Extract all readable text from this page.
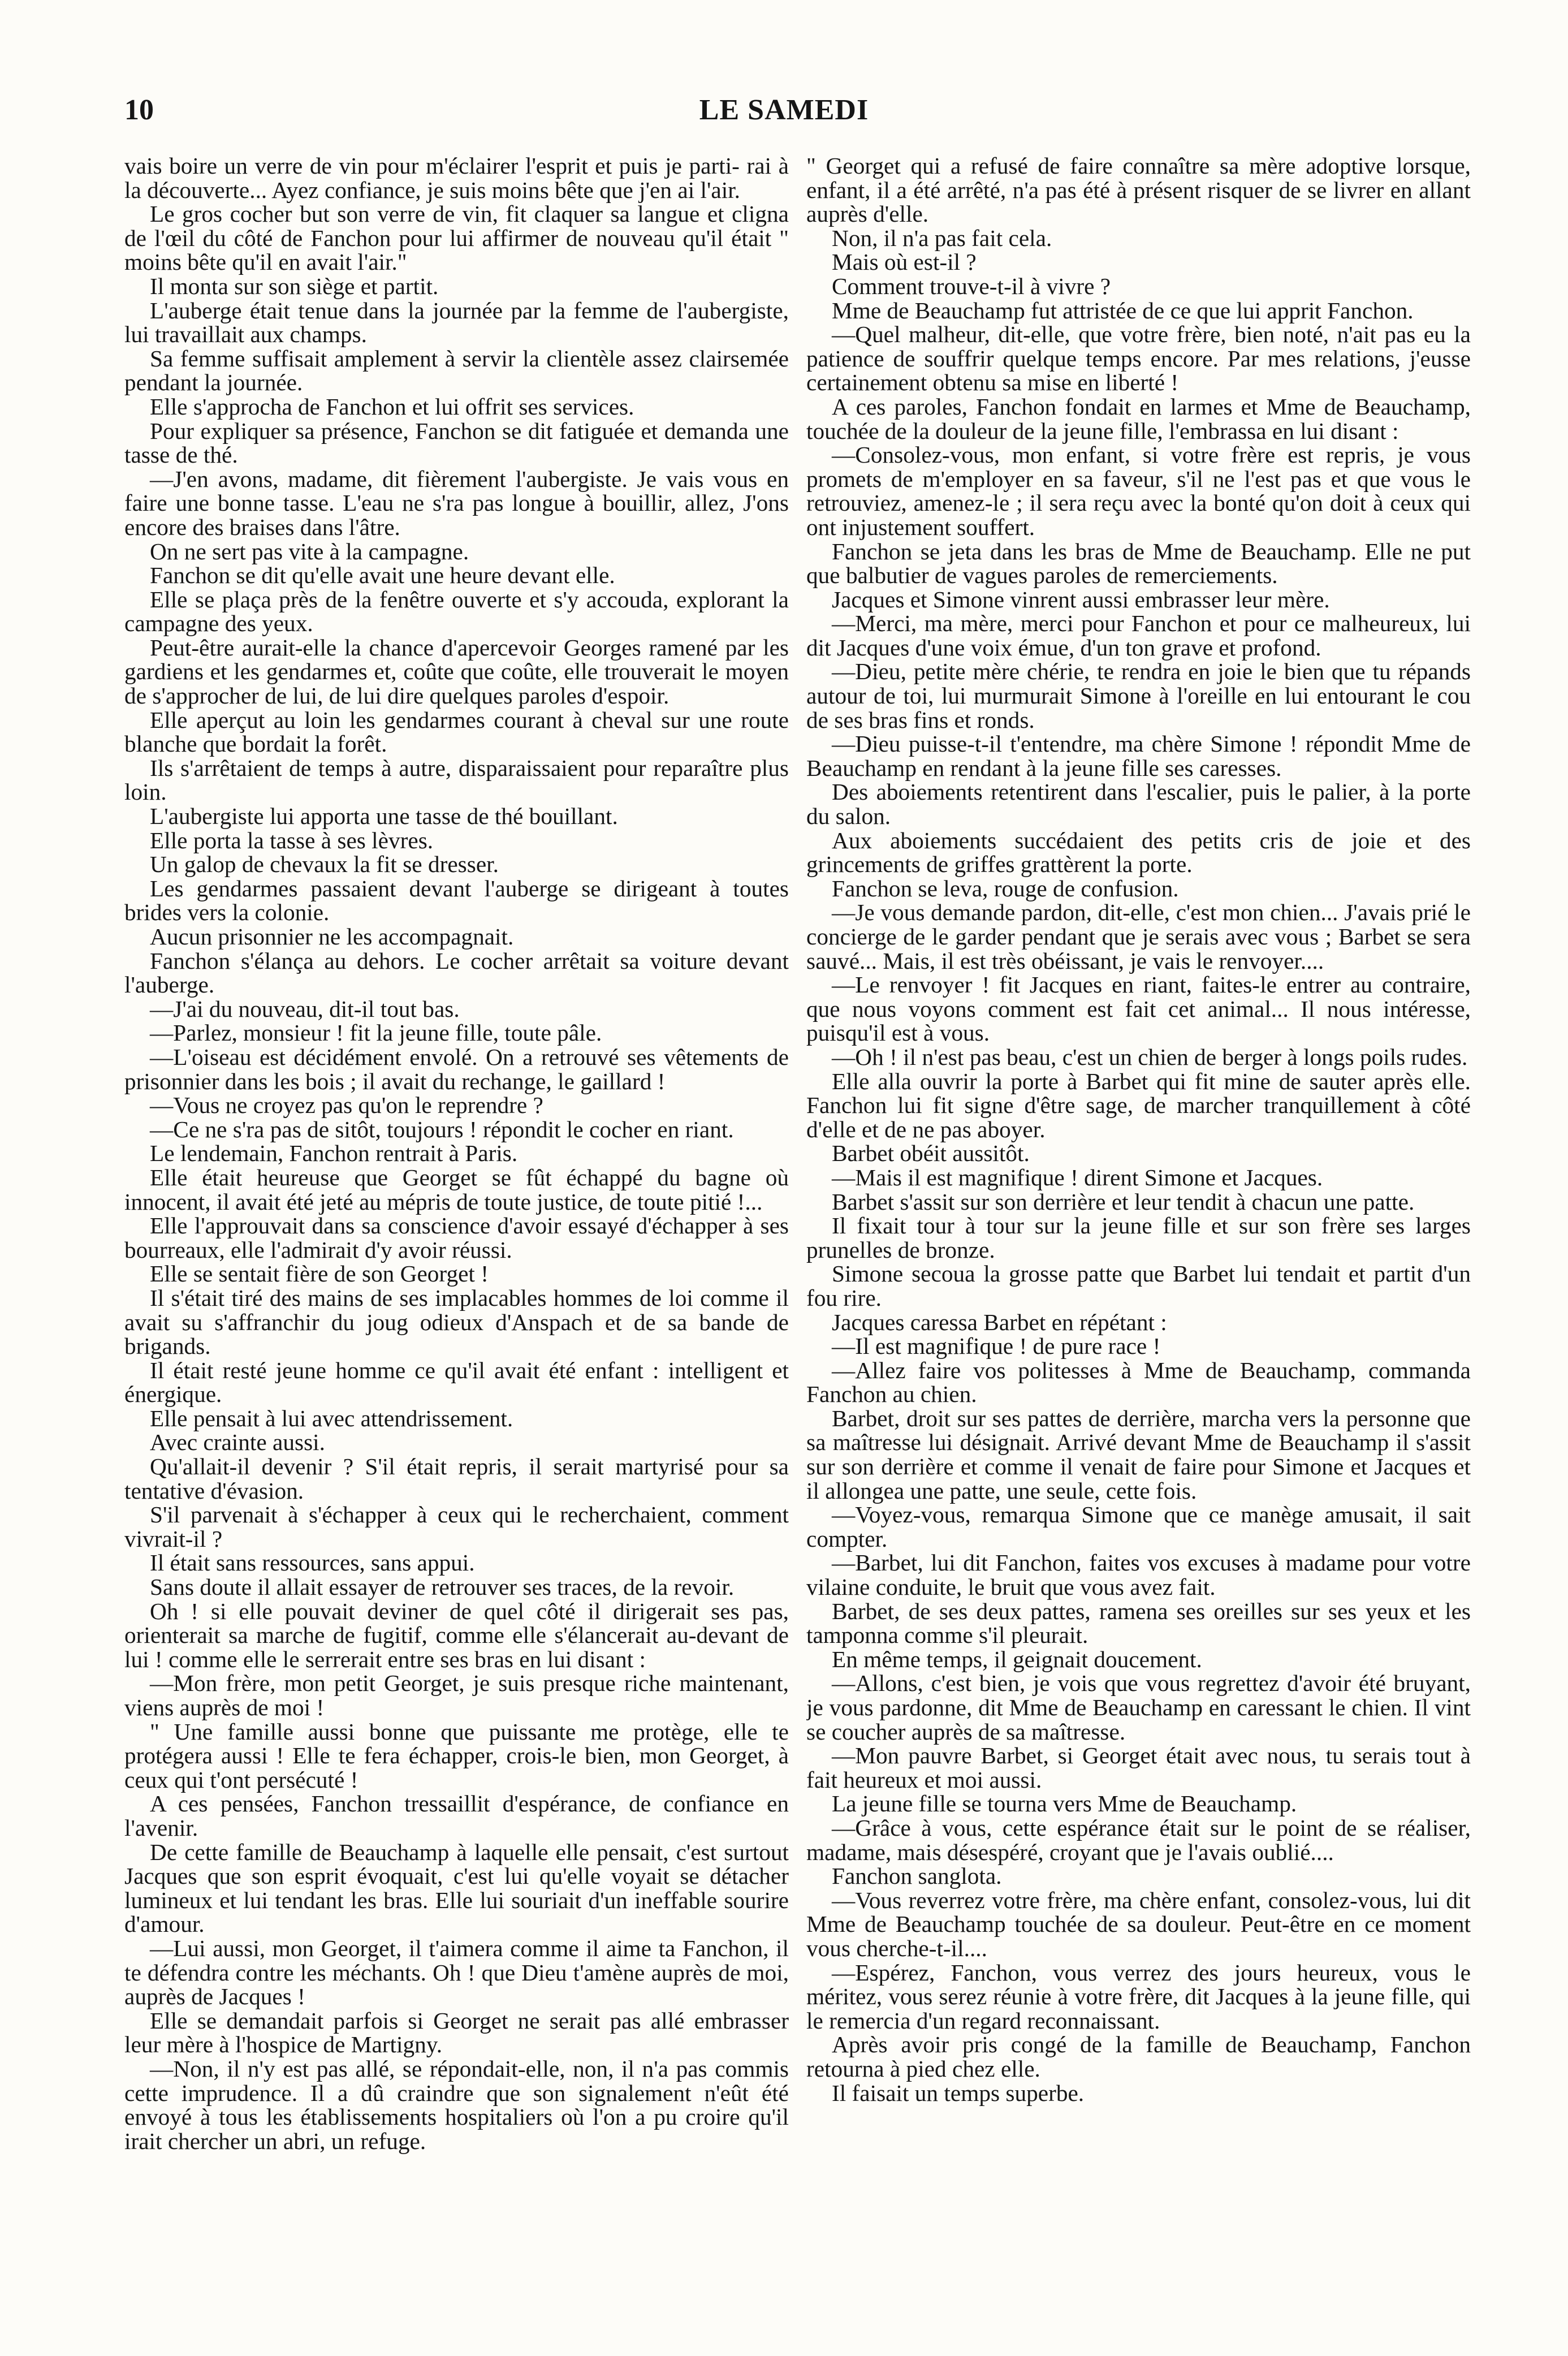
10	LE SAMEDI

vais boire un verre de vin pour m'éclairer l'esprit et puis je parti- rai à la découverte... Ayez confiance, je suis moins bête que j'en ai l'air.

Le gros cocher but son verre de vin, fit claquer sa langue et cligna de l'œil du côté de Fanchon pour lui affirmer de nouveau qu'il était " moins bête qu'il en avait l'air."

Il monta sur son siège et partit.

L'auberge était tenue dans la journée par la femme de l'aubergiste, lui travaillait aux champs.

Sa femme suffisait amplement à servir la clientèle assez clairsemée pendant la journée.

Elle s'approcha de Fanchon et lui offrit ses services.

Pour expliquer sa présence, Fanchon se dit fatiguée et demanda une tasse de thé.

—J'en avons, madame, dit fièrement l'aubergiste. Je vais vous en faire une bonne tasse. L'eau ne s'ra pas longue à bouillir, allez, J'ons encore des braises dans l'âtre.

On ne sert pas vite à la campagne.

Fanchon se dit qu'elle avait une heure devant elle.

Elle se plaça près de la fenêtre ouverte et s'y accouda, explorant la campagne des yeux.

Peut-être aurait-elle la chance d'apercevoir Georges ramené par les gardiens et les gendarmes et, coûte que coûte, elle trouverait le moyen de s'approcher de lui, de lui dire quelques paroles d'espoir.

Elle aperçut au loin les gendarmes courant à cheval sur une route blanche que bordait la forêt.

Ils s'arrêtaient de temps à autre, disparaissaient pour reparaître plus loin.

L'aubergiste lui apporta une tasse de thé bouillant.

Elle porta la tasse à ses lèvres.

Un galop de chevaux la fit se dresser.

Les gendarmes passaient devant l'auberge se dirigeant à toutes brides vers la colonie.

Aucun prisonnier ne les accompagnait.

Fanchon s'élança au dehors. Le cocher arrêtait sa voiture devant l'auberge.

—J'ai du nouveau, dit-il tout bas.

—Parlez, monsieur ! fit la jeune fille, toute pâle.

—L'oiseau est décidément envolé. On a retrouvé ses vêtements de prisonnier dans les bois ; il avait du rechange, le gaillard !

—Vous ne croyez pas qu'on le reprendre ?

—Ce ne s'ra pas de sitôt, toujours ! répondit le cocher en riant.

Le lendemain, Fanchon rentrait à Paris.

Elle était heureuse que Georget se fût échappé du bagne où innocent, il avait été jeté au mépris de toute justice, de toute pitié !...

Elle l'approuvait dans sa conscience d'avoir essayé d'échapper à ses bourreaux, elle l'admirait d'y avoir réussi.

Elle se sentait fière de son Georget !

Il s'était tiré des mains de ses implacables hommes de loi comme il avait su s'affranchir du joug odieux d'Anspach et de sa bande de brigands.

Il était resté jeune homme ce qu'il avait été enfant : intelligent et énergique.

Elle pensait à lui avec attendrissement.

Avec crainte aussi.

Qu'allait-il devenir ? S'il était repris, il serait martyrisé pour sa tentative d'évasion.

S'il parvenait à s'échapper à ceux qui le recherchaient, comment vivrait-il ?

Il était sans ressources, sans appui.

Sans doute il allait essayer de retrouver ses traces, de la revoir.

Oh ! si elle pouvait deviner de quel côté il dirigerait ses pas, orienterait sa marche de fugitif, comme elle s'élancerait au-devant de lui ! comme elle le serrerait entre ses bras en lui disant :

—Mon frère, mon petit Georget, je suis presque riche maintenant, viens auprès de moi !

" Une famille aussi bonne que puissante me protège, elle te protégera aussi ! Elle te fera échapper, crois-le bien, mon Georget, à ceux qui t'ont persécuté !

A ces pensées, Fanchon tressaillit d'espérance, de confiance en l'avenir.

De cette famille de Beauchamp à laquelle elle pensait, c'est surtout Jacques que son esprit évoquait, c'est lui qu'elle voyait se détacher lumineux et lui tendant les bras. Elle lui souriait d'un ineffable sourire d'amour.

—Lui aussi, mon Georget, il t'aimera comme il aime ta Fanchon, il te défendra contre les méchants. Oh ! que Dieu t'amène auprès de moi, auprès de Jacques !

Elle se demandait parfois si Georget ne serait pas allé embrasser leur mère à l'hospice de Martigny.

—Non, il n'y est pas allé, se répondait-elle, non, il n'a pas commis cette imprudence. Il a dû craindre que son signalement n'eût été envoyé à tous les établissements hospitaliers où l'on a pu croire qu'il irait chercher un abri, un refuge.

" Georget qui a refusé de faire connaître sa mère adoptive lorsque, enfant, il a été arrêté, n'a pas été à présent risquer de se livrer en allant auprès d'elle.

Non, il n'a pas fait cela.

Mais où est-il ?

Comment trouve-t-il à vivre ?

Mme de Beauchamp fut attristée de ce que lui apprit Fanchon.

—Quel malheur, dit-elle, que votre frère, bien noté, n'ait pas eu la patience de souffrir quelque temps encore. Par mes relations, j'eusse certainement obtenu sa mise en liberté !

A ces paroles, Fanchon fondait en larmes et Mme de Beauchamp, touchée de la douleur de la jeune fille, l'embrassa en lui disant :

—Consolez-vous, mon enfant, si votre frère est repris, je vous promets de m'employer en sa faveur, s'il ne l'est pas et que vous le retrouviez, amenez-le ; il sera reçu avec la bonté qu'on doit à ceux qui ont injustement souffert.

Fanchon se jeta dans les bras de Mme de Beauchamp. Elle ne put que balbutier de vagues paroles de remerciements.

Jacques et Simone vinrent aussi embrasser leur mère.

—Merci, ma mère, merci pour Fanchon et pour ce malheureux, lui dit Jacques d'une voix émue, d'un ton grave et profond.

—Dieu, petite mère chérie, te rendra en joie le bien que tu répands autour de toi, lui murmurait Simone à l'oreille en lui entourant le cou de ses bras fins et ronds.

—Dieu puisse-t-il t'entendre, ma chère Simone ! répondit Mme de Beauchamp en rendant à la jeune fille ses caresses.

Des aboiements retentirent dans l'escalier, puis le palier, à la porte du salon.

Aux aboiements succédaient des petits cris de joie et des grincements de griffes grattèrent la porte.

Fanchon se leva, rouge de confusion.

—Je vous demande pardon, dit-elle, c'est mon chien... J'avais prié le concierge de le garder pendant que je serais avec vous ; Barbet se sera sauvé... Mais, il est très obéissant, je vais le renvoyer....

—Le renvoyer ! fit Jacques en riant, faites-le entrer au contraire, que nous voyons comment est fait cet animal... Il nous intéresse, puisqu'il est à vous.

—Oh ! il n'est pas beau, c'est un chien de berger à longs poils rudes.

Elle alla ouvrir la porte à Barbet qui fit mine de sauter après elle. Fanchon lui fit signe d'être sage, de marcher tranquillement à côté d'elle et de ne pas aboyer.

Barbet obéit aussitôt.

—Mais il est magnifique ! dirent Simone et Jacques.

Barbet s'assit sur son derrière et leur tendit à chacun une patte.

Il fixait tour à tour sur la jeune fille et sur son frère ses larges prunelles de bronze.

Simone secoua la grosse patte que Barbet lui tendait et partit d'un fou rire.

Jacques caressa Barbet en répétant :

—Il est magnifique ! de pure race !

—Allez faire vos politesses à Mme de Beauchamp, commanda Fanchon au chien.

Barbet, droit sur ses pattes de derrière, marcha vers la personne que sa maîtresse lui désignait. Arrivé devant Mme de Beauchamp il s'assit sur son derrière et comme il venait de faire pour Simone et Jacques et il allongea une patte, une seule, cette fois.

—Voyez-vous, remarqua Simone que ce manège amusait, il sait compter.

—Barbet, lui dit Fanchon, faites vos excuses à madame pour votre vilaine conduite, le bruit que vous avez fait.

Barbet, de ses deux pattes, ramena ses oreilles sur ses yeux et les tamponna comme s'il pleurait.

En même temps, il geignait doucement.

—Allons, c'est bien, je vois que vous regrettez d'avoir été bruyant, je vous pardonne, dit Mme de Beauchamp en caressant le chien. Il vint se coucher auprès de sa maîtresse.

—Mon pauvre Barbet, si Georget était avec nous, tu serais tout à fait heureux et moi aussi.

La jeune fille se tourna vers Mme de Beauchamp.

—Grâce à vous, cette espérance était sur le point de se réaliser, madame, mais désespéré, croyant que je l'avais oublié....

Fanchon sanglota.

—Vous reverrez votre frère, ma chère enfant, consolez-vous, lui dit Mme de Beauchamp touchée de sa douleur. Peut-être en ce moment vous cherche-t-il....

—Espérez, Fanchon, vous verrez des jours heureux, vous le méritez, vous serez réunie à votre frère, dit Jacques à la jeune fille, qui le remercia d'un regard reconnaissant.

Après avoir pris congé de la famille de Beauchamp, Fanchon retourna à pied chez elle.

Il faisait un temps superbe.
